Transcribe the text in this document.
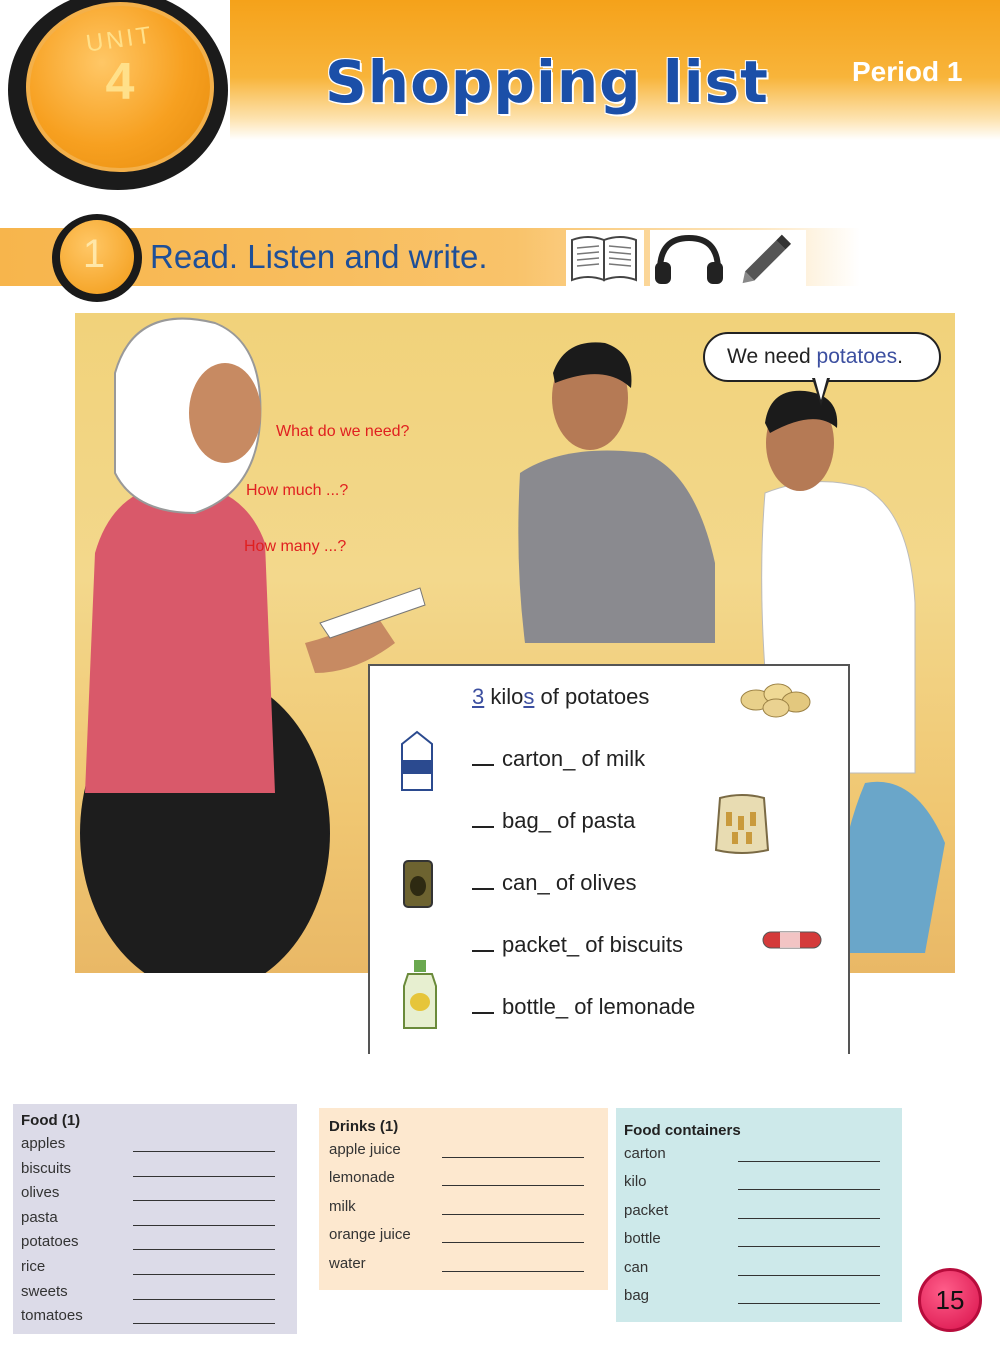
UNIT
4	Shopping list	Period 1
1	Read. Listen and write.
What do we need?
How much ...?
How many ...?
We need potatoes.
3 kilos of potatoes
carton_ of milk
bag_ of pasta
can_ of olives
packet_ of biscuits
bottle_ of lemonade
Food (1)
apples
biscuits
olives
pasta
potatoes
rice
sweets
tomatoes
Drinks (1)
apple juice
lemonade
milk
orange juice
water
Food containers
carton
kilo
packet
bottle
can
bag	15
